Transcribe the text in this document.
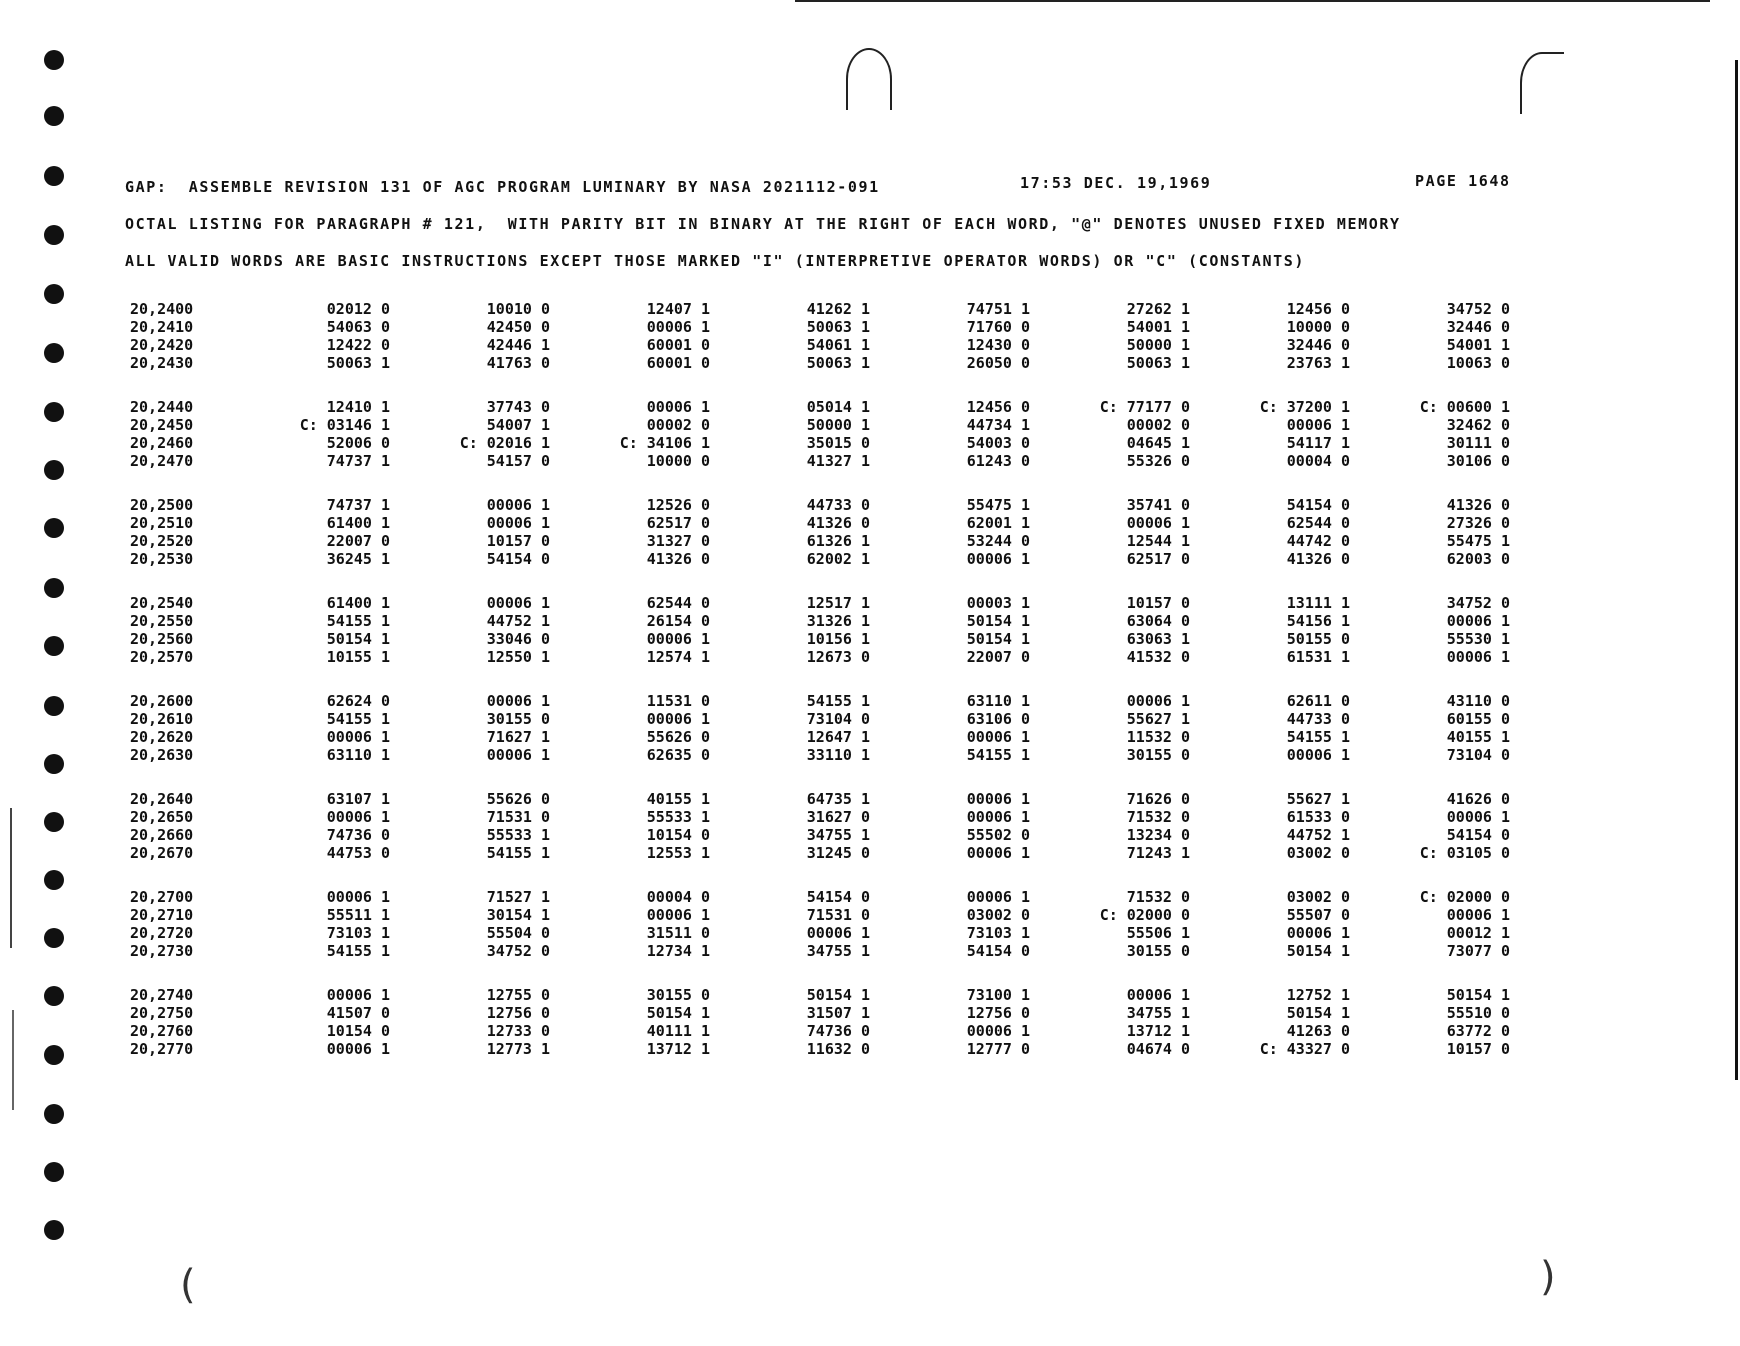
(	)
GAP:  ASSEMBLE REVISION 131 OF AGC PROGRAM LUMINARY BY NASA 2021112-091	17:53 DEC. 19,1969	PAGE 1648
OCTAL LISTING FOR PARAGRAPH # 121,  WITH PARITY BIT IN BINARY AT THE RIGHT OF EACH WORD, "@" DENOTES UNUSED FIXED MEMORY
ALL VALID WORDS ARE BASIC INSTRUCTIONS EXCEPT THOSE MARKED "I" (INTERPRETIVE OPERATOR WORDS) OR "C" (CONSTANTS)
20,2400	02012 0	10010 0	12407 1	41262 1	74751 1	27262 1	12456 0	34752 0
20,2410	54063 0	42450 0	00006 1	50063 1	71760 0	54001 1	10000 0	32446 0
20,2420	12422 0	42446 1	60001 0	54061 1	12430 0	50000 1	32446 0	54001 1
20,2430	50063 1	41763 0	60001 0	50063 1	26050 0	50063 1	23763 1	10063 0
20,2440	12410 1	37743 0	00006 1	05014 1	12456 0	C: 77177 0	C: 37200 1	C: 00600 1
20,2450	C: 03146 1	54007 1	00002 0	50000 1	44734 1	00002 0	00006 1	32462 0
20,2460	52006 0	C: 02016 1	C: 34106 1	35015 0	54003 0	04645 1	54117 1	30111 0
20,2470	74737 1	54157 0	10000 0	41327 1	61243 0	55326 0	00004 0	30106 0
20,2500	74737 1	00006 1	12526 0	44733 0	55475 1	35741 0	54154 0	41326 0
20,2510	61400 1	00006 1	62517 0	41326 0	62001 1	00006 1	62544 0	27326 0
20,2520	22007 0	10157 0	31327 0	61326 1	53244 0	12544 1	44742 0	55475 1
20,2530	36245 1	54154 0	41326 0	62002 1	00006 1	62517 0	41326 0	62003 0
20,2540	61400 1	00006 1	62544 0	12517 1	00003 1	10157 0	13111 1	34752 0
20,2550	54155 1	44752 1	26154 0	31326 1	50154 1	63064 0	54156 1	00006 1
20,2560	50154 1	33046 0	00006 1	10156 1	50154 1	63063 1	50155 0	55530 1
20,2570	10155 1	12550 1	12574 1	12673 0	22007 0	41532 0	61531 1	00006 1
20,2600	62624 0	00006 1	11531 0	54155 1	63110 1	00006 1	62611 0	43110 0
20,2610	54155 1	30155 0	00006 1	73104 0	63106 0	55627 1	44733 0	60155 0
20,2620	00006 1	71627 1	55626 0	12647 1	00006 1	11532 0	54155 1	40155 1
20,2630	63110 1	00006 1	62635 0	33110 1	54155 1	30155 0	00006 1	73104 0
20,2640	63107 1	55626 0	40155 1	64735 1	00006 1	71626 0	55627 1	41626 0
20,2650	00006 1	71531 0	55533 1	31627 0	00006 1	71532 0	61533 0	00006 1
20,2660	74736 0	55533 1	10154 0	34755 1	55502 0	13234 0	44752 1	54154 0
20,2670	44753 0	54155 1	12553 1	31245 0	00006 1	71243 1	03002 0	C: 03105 0
20,2700	00006 1	71527 1	00004 0	54154 0	00006 1	71532 0	03002 0	C: 02000 0
20,2710	55511 1	30154 1	00006 1	71531 0	03002 0	C: 02000 0	55507 0	00006 1
20,2720	73103 1	55504 0	31511 0	00006 1	73103 1	55506 1	00006 1	00012 1
20,2730	54155 1	34752 0	12734 1	34755 1	54154 0	30155 0	50154 1	73077 0
20,2740	00006 1	12755 0	30155 0	50154 1	73100 1	00006 1	12752 1	50154 1
20,2750	41507 0	12756 0	50154 1	31507 1	12756 0	34755 1	50154 1	55510 0
20,2760	10154 0	12733 0	40111 1	74736 0	00006 1	13712 1	41263 0	63772 0
20,2770	00006 1	12773 1	13712 1	11632 0	12777 0	04674 0	C: 43327 0	10157 0
